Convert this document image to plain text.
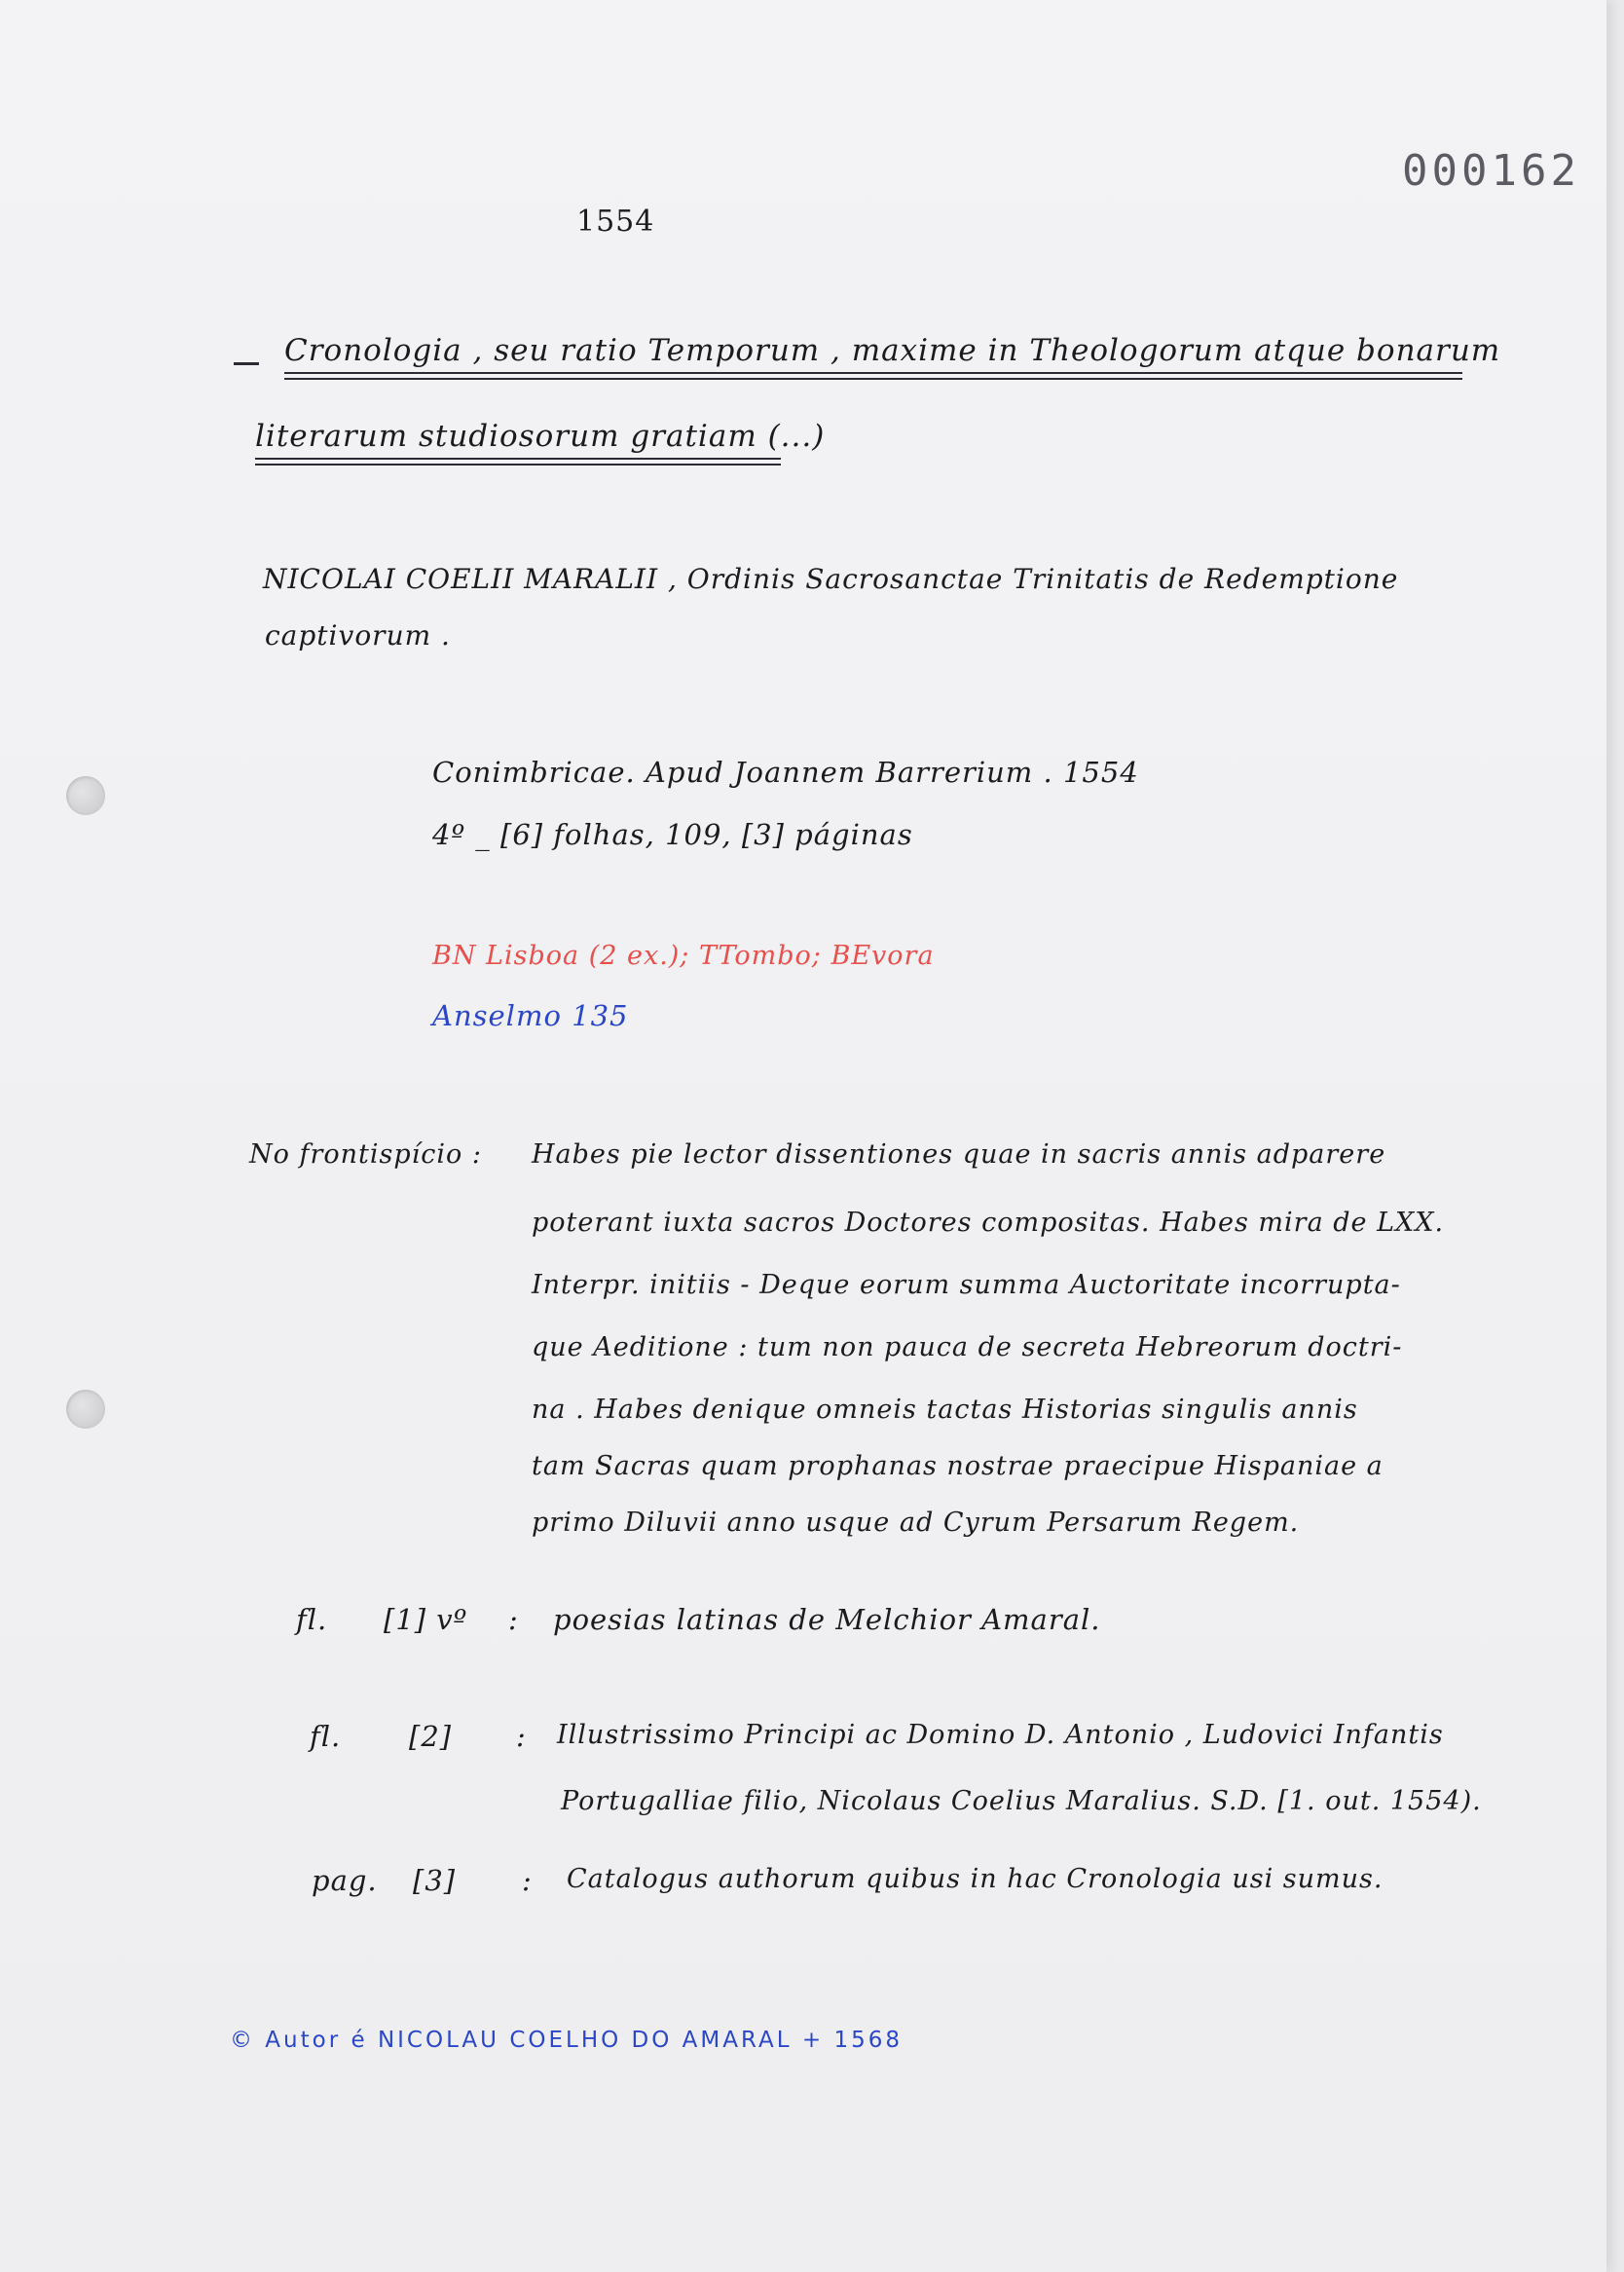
000162
1554
Cronologia , seu ratio Temporum , maxime in Theologorum atque bonarum
literarum studiosorum gratiam (...)
NICOLAI COELII MARALII , Ordinis Sacrosanctae Trinitatis de Redemptione
captivorum .
Conimbricae. Apud Joannem Barrerium . 1554
4º _ [6] folhas, 109, [3] páginas
BN Lisboa (2 ex.); TTombo; BEvora
Anselmo 135
No frontispício : Habes pie lector dissentiones quae in sacris annis adparere
poterant iuxta sacros Doctores compositas. Habes mira de LXX.
Interpr. initiis - Deque eorum summa Auctoritate incorrupta-
que Aeditione : tum non pauca de secreta Hebreorum doctri-
na . Habes denique omneis tactas Historias singulis annis
tam Sacras quam prophanas nostrae praecipue Hispaniae a
primo Diluvii anno usque ad Cyrum Persarum Regem.
fl. [1] vº : poesias latinas de Melchior Amaral.
fl. [2] : Illustrissimo Principi ac Domino D. Antonio , Ludovici Infantis
Portugalliae filio, Nicolaus Coelius Maralius. S.D. [1. out. 1554).
pag. [3] : Catalogus authorum quibus in hac Cronologia usi sumus.
© Autor é NICOLAU COELHO DO AMARAL + 1568
